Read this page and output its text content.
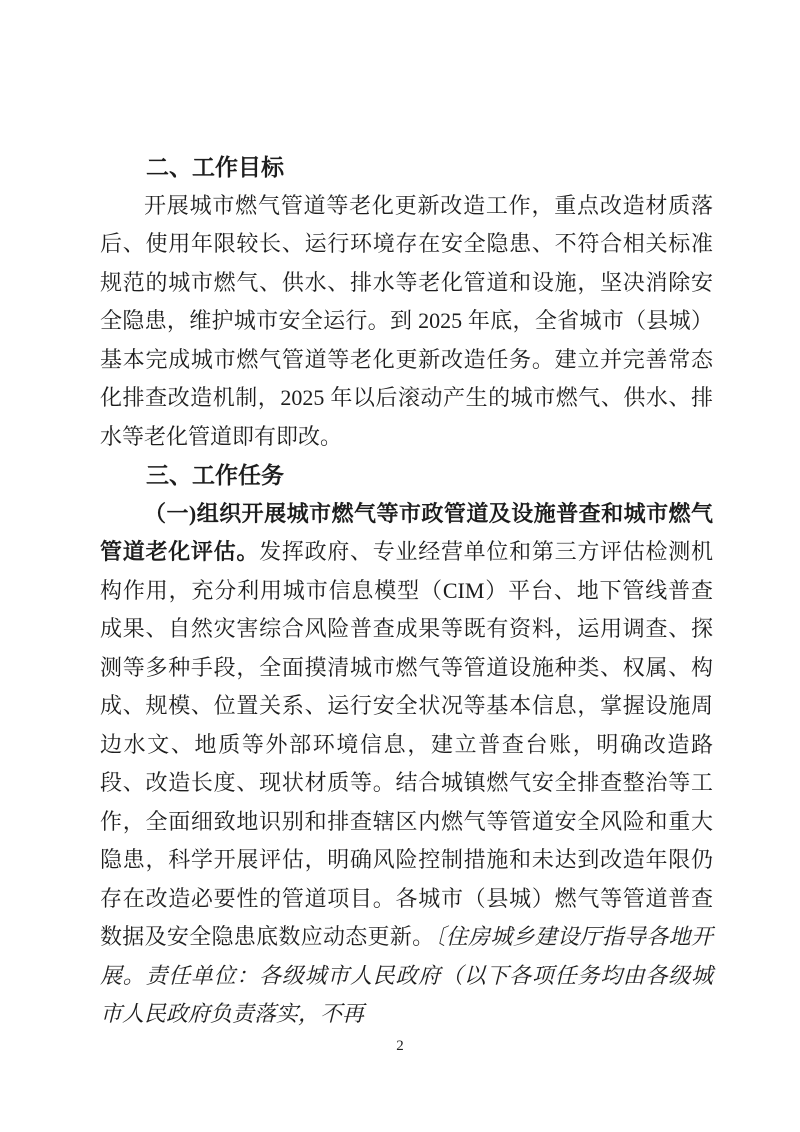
二、工作目标

开展城市燃气管道等老化更新改造工作，重点改造材质落后、使用年限较长、运行环境存在安全隐患、不符合相关标准规范的城市燃气、供水、排水等老化管道和设施，坚决消除安全隐患，维护城市安全运行。到 2025 年底，全省城市（县城）基本完成城市燃气管道等老化更新改造任务。建立并完善常态化排查改造机制，2025 年以后滚动产生的城市燃气、供水、排水等老化管道即有即改。

三、工作任务

（一)组织开展城市燃气等市政管道及设施普查和城市燃气管道老化评估。发挥政府、专业经营单位和第三方评估检测机构作用，充分利用城市信息模型（CIM）平台、地下管线普查成果、自然灾害综合风险普查成果等既有资料，运用调查、探测等多种手段，全面摸清城市燃气等管道设施种类、权属、构成、规模、位置关系、运行安全状况等基本信息，掌握设施周边水文、地质等外部环境信息，建立普查台账，明确改造路段、改造长度、现状材质等。结合城镇燃气安全排查整治等工作，全面细致地识别和排查辖区内燃气等管道安全风险和重大隐患，科学开展评估，明确风险控制措施和未达到改造年限仍存在改造必要性的管道项目。各城市（县城）燃气等管道普查数据及安全隐患底数应动态更新。〔住房城乡建设厅指导各地开展。责任单位：各级城市人民政府（以下各项任务均由各级城市人民政府负责落实，不再

2
